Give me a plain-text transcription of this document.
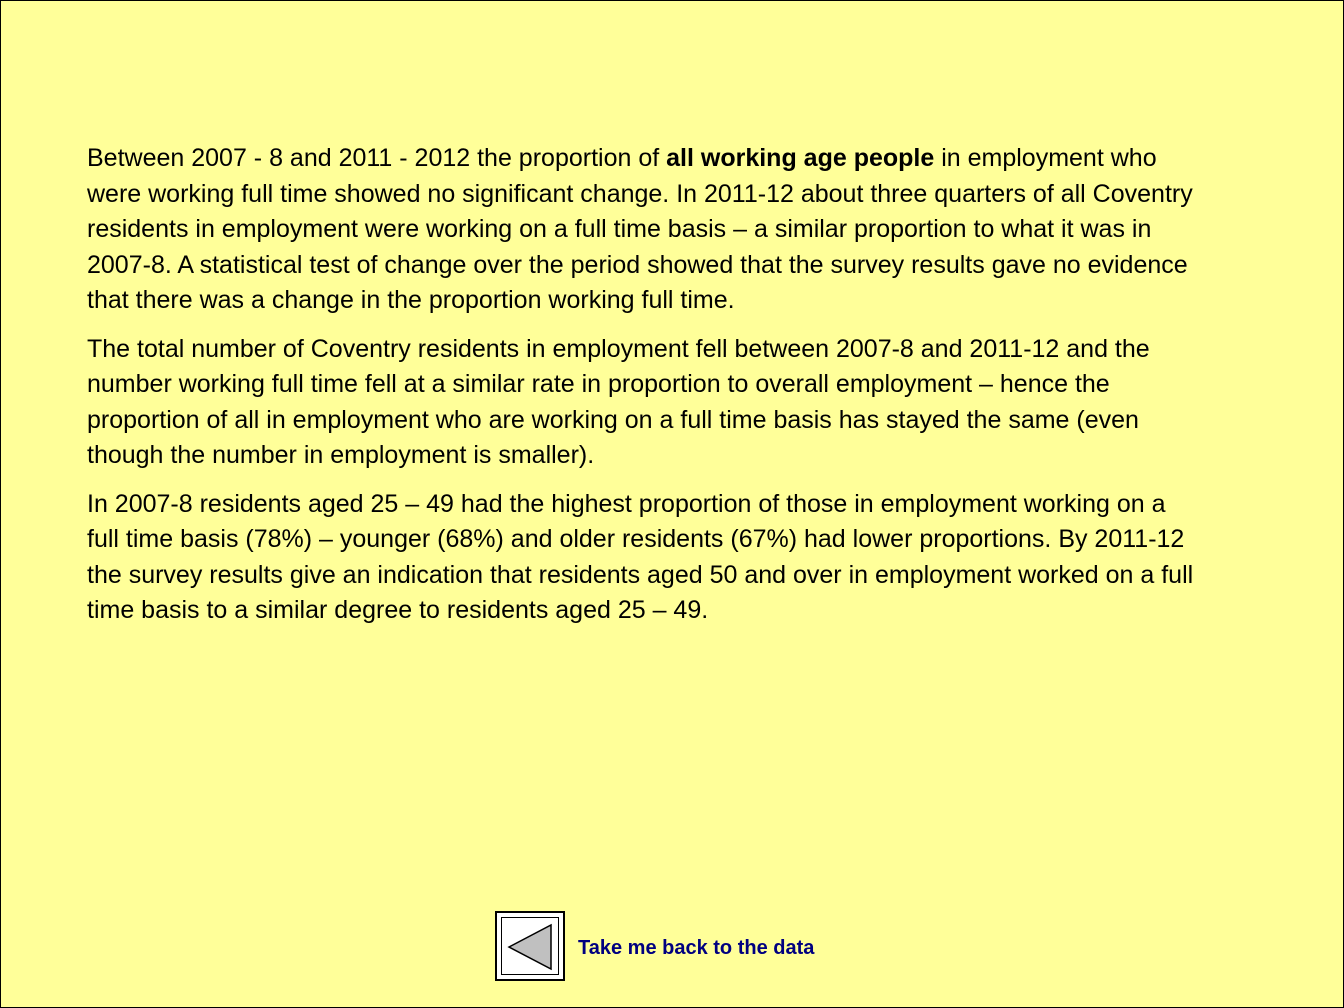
Between 2007 - 8 and 2011 - 2012 the proportion of all working age people in employment who were working full time showed no significant change. In 2011-12 about three quarters of all Coventry residents in employment were working on a full time basis – a similar proportion to what it was in 2007-8. A statistical test of change over the period showed that the survey results gave no evidence that there was a change in the proportion working full time.

The total number of Coventry residents in employment fell between 2007-8 and 2011-12 and the number working full time fell at a similar rate in proportion to overall employment – hence the proportion of all in employment who are working on a full time basis has stayed the same (even though the number in employment is smaller).

In 2007-8 residents aged 25 – 49 had the highest proportion of those in employment working on a full time basis (78%) – younger (68%) and older residents (67%) had lower proportions. By 2011-12 the survey results give an indication that residents aged 50 and over in employment worked on a full time basis to a similar degree to residents aged 25 – 49.

Take me back to the data
